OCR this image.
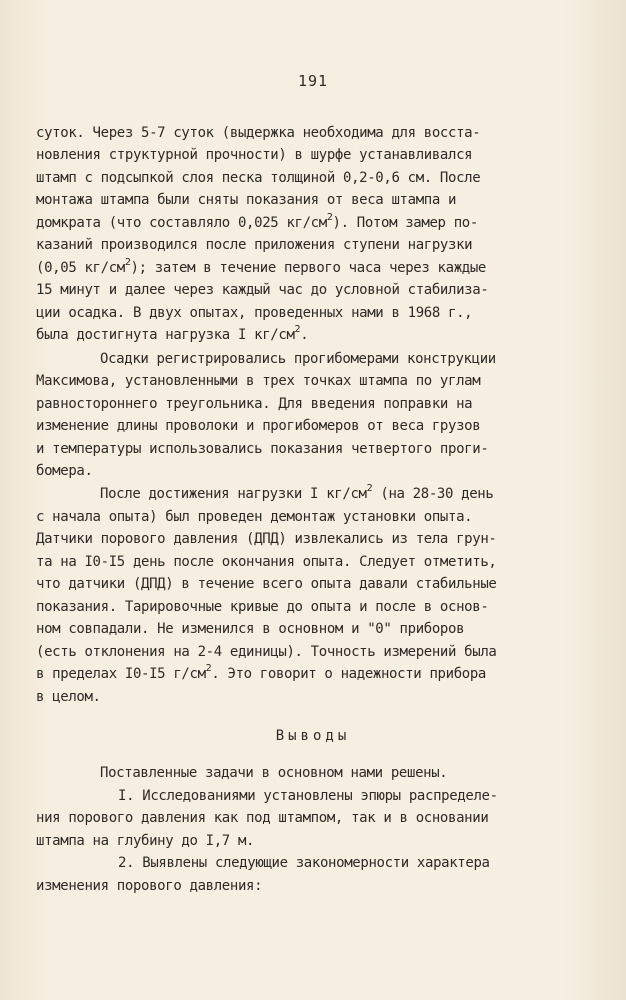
191
суток. Через 5-7 суток (выдержка необходима для восста-
новления структурной прочности) в шурфе устанавливался
штамп с подсыпкой слоя песка толщиной 0,2-0,6 см. После
монтажа штампа были сняты показания от веса штампа и
домкрата (что составляло 0,025 $кг/см^2$). Потом замер по-
казаний производился после приложения ступени нагрузки
(0,05 $кг/см^2$); затем в течение первого часа через каждые
15 минут и далее через каждый час до условной стабилиза-
ции осадка. В двух опытах, проведенных нами в 1968 г.,
была достигнута нагрузка I $кг/см^2$.
Осадки регистрировались прогибомерами конструкции
Максимова, установленными в трех точках штампа по углам
равностороннего треугольника. Для введения поправки на
изменение длины проволоки и прогибомеров от веса грузов
и температуры использовались показания четвертого проги-
бомера.
После достижения нагрузки I $кг/см^2$ (на 28-30 день
с начала опыта) был проведен демонтаж установки опыта.
Датчики порового давления (ДПД) извлекались из тела грун-
та на I0-I5 день после окончания опыта. Следует отметить,
что датчики (ДПД) в течение всего опыта давали стабильные
показания. Тарировочные кривые до опыта и после в основ-
ном совпадали. Не изменился в основном и "0" приборов
(есть отклонения на 2-4 единицы). Точность измерений была
в пределах I0-I5 $г/см^2$. Это говорит о надежности прибора
в целом.
Выводы
Поставленные задачи в основном нами решены.
I. Исследованиями установлены эпюры распределе-
ния порового давления как под штампом, так и в основании
штампа на глубину до I,7 м.
2. Выявлены следующие закономерности характера
изменения порового давления:
